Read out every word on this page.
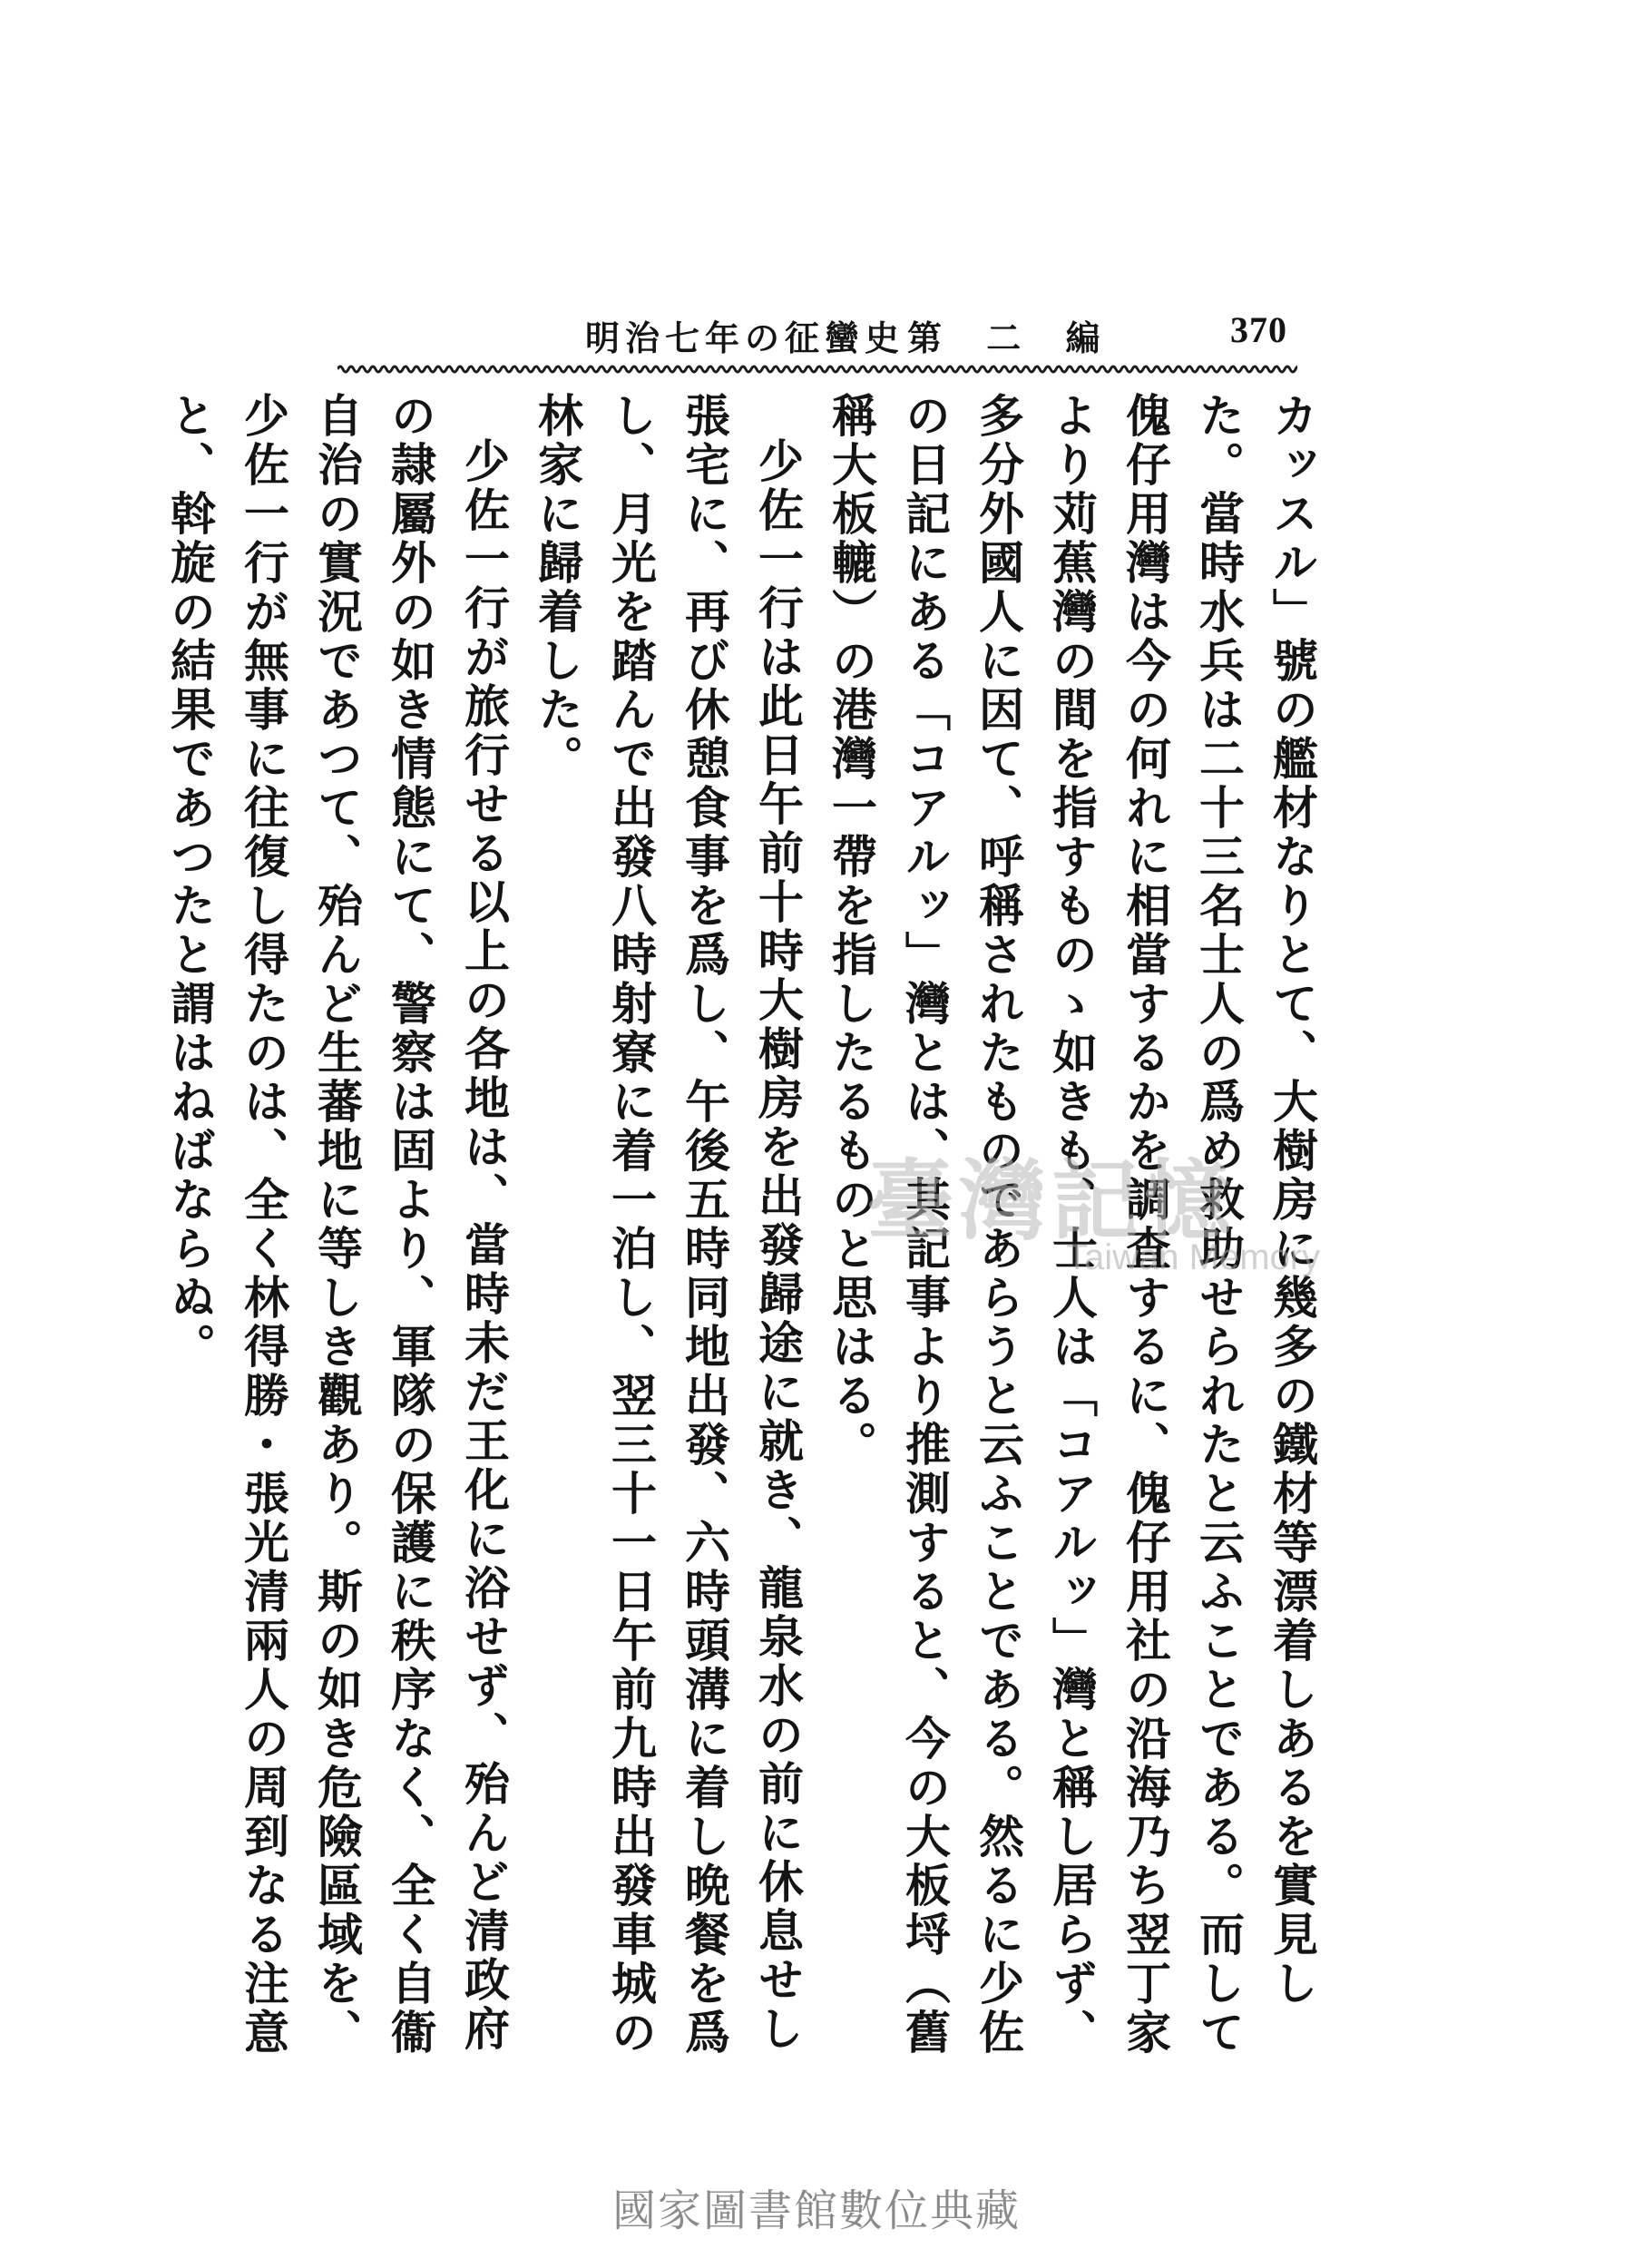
370
第 二 編
明治七年の征蠻史

カッスル」號の艦材なりとて、大樹房に幾多の鐵材等漂着しあるを實見した。當時水兵は二十三名士人の爲め救助せられたと云ふことである。而して傀仔用灣は今の何れに相當するかを調査するに、傀仔用社の沿海乃ち翌丁家より苅蕉灣の間を指すものゝ如きも、士人は「コアルッ」灣と稱し居らず、多分外國人に因て、呼稱されたものであらうと云ふことである。然るに少佐の日記にある「コアルッ」灣とは、其記事より推測すると、今の大板埒（舊稱大板轆）の港灣一帶を指したるものと思はる。

少佐一行は此日午前十時大樹房を出發歸途に就き、龍泉水の前に休息せし張宅に、再び休憩食事を爲し、午後五時同地出發、六時頭溝に着し晩餐を爲し、月光を踏んで出發八時射寮に着一泊し、翌三十一日午前九時出發車城の林家に歸着した。

少佐一行が旅行せる以上の各地は、當時未だ王化に浴せず、殆んど清政府の隷屬外の如き情態にて、警察は固より、軍隊の保護に秩序なく、全く自衞自治の實況であつて、殆んど生蕃地に等しき觀あり。斯の如き危險區域を、少佐一行が無事に往復し得たのは、全く林得勝・張光清兩人の周到なる注意と、斡旋の結果であつたと謂はねばならぬ。	臺灣記憶
Taiwan Memory
國家圖書館數位典藏
